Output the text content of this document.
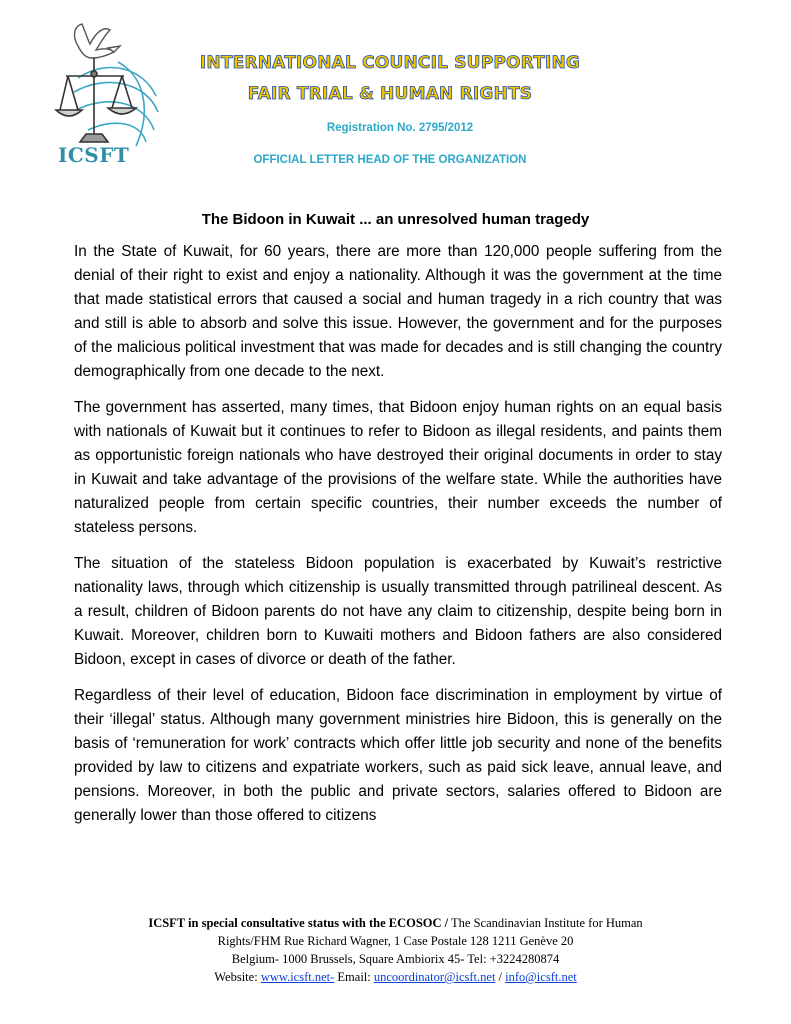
ICSFT
INTERNATIONAL COUNCIL SUPPORTING
FAIR TRIAL & HUMAN RIGHTS
Registration No. 2795/2012
OFFICIAL LETTER HEAD OF THE ORGANIZATION
The Bidoon in Kuwait ... an unresolved human tragedy

In the State of Kuwait, for 60 years, there are more than 120,000 people suffering from the denial of their right to exist and enjoy a nationality. Although it was the government at the time that made statistical errors that caused a social and human tragedy in a rich country that was and still is able to absorb and solve this issue. However, the government and for the purposes of the malicious political investment that was made for decades and is still changing the country demographically from one decade to the next.

The government has asserted, many times, that Bidoon enjoy human rights on an equal basis with nationals of Kuwait but it continues to refer to Bidoon as illegal residents, and paints them as opportunistic foreign nationals who have destroyed their original documents in order to stay in Kuwait and take advantage of the provisions of the welfare state. While the authorities have naturalized people from certain specific countries, their number exceeds the number of stateless persons.

The situation of the stateless Bidoon population is exacerbated by Kuwait’s restrictive nationality laws, through which citizenship is usually transmitted through patrilineal descent. As a result, children of Bidoon parents do not have any claim to citizenship, despite being born in Kuwait. Moreover, children born to Kuwaiti mothers and Bidoon fathers are also considered Bidoon, except in cases of divorce or death of the father.

Regardless of their level of education, Bidoon face discrimination in employment by virtue of their ‘illegal’ status. Although many government ministries hire Bidoon, this is generally on the basis of ‘remuneration for work’ contracts which offer little job security and none of the benefits provided by law to citizens and expatriate workers, such as paid sick leave, annual leave, and pensions. Moreover, in both the public and private sectors, salaries offered to Bidoon are generally lower than those offered to citizens

ICSFT in special consultative status with the ECOSOC / The Scandinavian Institute for Human
Rights/FHM Rue Richard Wagner, 1 Case Postale 128 1211 Genève 20
Belgium- 1000 Brussels, Square Ambiorix 45- Tel: +3224280874
Website: www.icsft.net- Email: uncoordinator@icsft.net / info@icsft.net
